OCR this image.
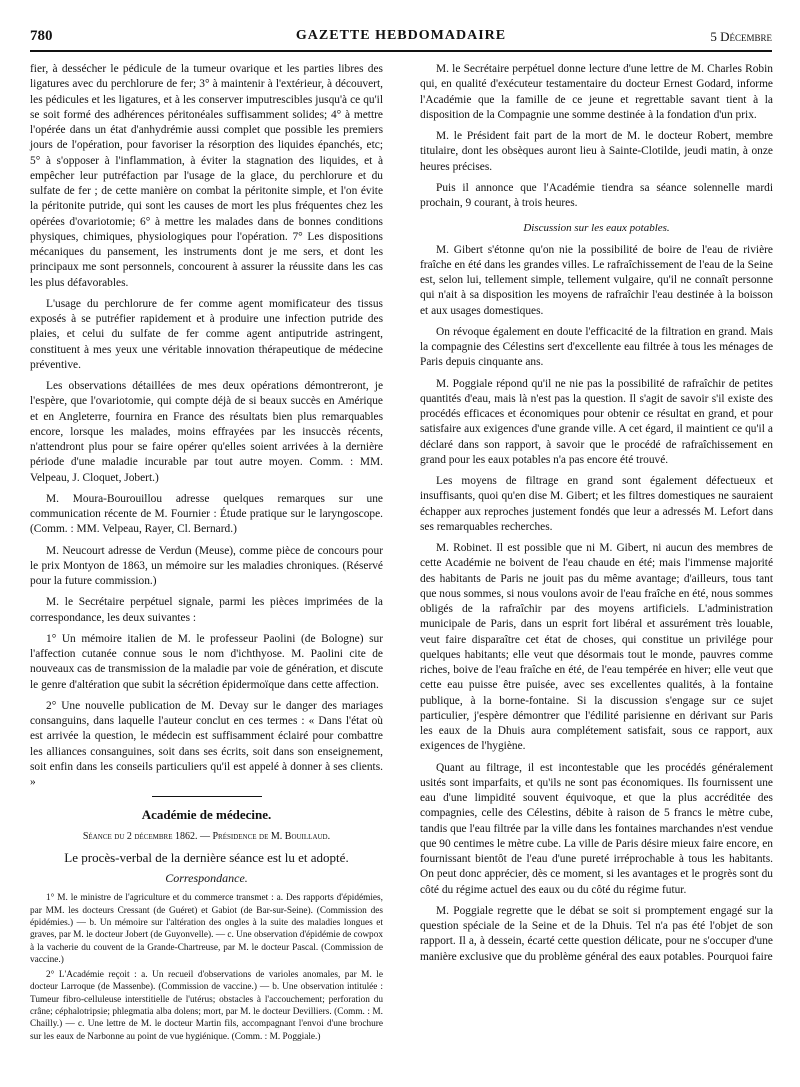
780	GAZETTE HEBDOMADAIRE	5 Décembre

fier, à dessécher le pédicule de la tumeur ovarique et les parties libres des ligatures avec du perchlorure de fer; 3° à maintenir à l'extérieur, à découvert, les pédicules et les ligatures, et à les conserver imputrescibles jusqu'à ce qu'il se soit formé des adhérences péritonéales suffisamment solides; 4° à mettre l'opérée dans un état d'anhydrémie aussi complet que possible les premiers jours de l'opération, pour favoriser la résorption des liquides épanchés, etc; 5° à s'opposer à l'inflammation, à éviter la stagnation des liquides, et à empêcher leur putréfaction par l'usage de la glace, du perchlorure et du sulfate de fer ; de cette manière on combat la péritonite simple, et l'on évite la péritonite putride, qui sont les causes de mort les plus fréquentes chez les opérées d'ovariotomie; 6° à mettre les malades dans de bonnes conditions physiques, chimiques, physiologiques pour l'opération. 7° Les dispositions mécaniques du pansement, les instruments dont je me sers, et dont les principaux me sont personnels, concourent à assurer la réussite dans les cas les plus défavorables.

L'usage du perchlorure de fer comme agent momificateur des tissus exposés à se putréfier rapidement et à produire une infection putride des plaies, et celui du sulfate de fer comme agent antiputride astringent, constituent à mes yeux une véritable innovation thérapeutique de médecine préventive.

Les observations détaillées de mes deux opérations démontreront, je l'espère, que l'ovariotomie, qui compte déjà de si beaux succès en Amérique et en Angleterre, fournira en France des résultats bien plus remarquables encore, lorsque les malades, moins effrayées par les insuccès récents, n'attendront plus pour se faire opérer qu'elles soient arrivées à la dernière période d'une maladie incurable par tout autre moyen. Comm. : MM. Velpeau, J. Cloquet, Jobert.)

M. Moura-Bourouillou adresse quelques remarques sur une communication récente de M. Fournier : Étude pratique sur le laryngoscope. (Comm. : MM. Velpeau, Rayer, Cl. Bernard.)

M. Neucourt adresse de Verdun (Meuse), comme pièce de concours pour le prix Montyon de 1863, un mémoire sur les maladies chroniques. (Réservé pour la future commission.)

M. le Secrétaire perpétuel signale, parmi les pièces imprimées de la correspondance, les deux suivantes :

1° Un mémoire italien de M. le professeur Paolini (de Bologne) sur l'affection cutanée connue sous le nom d'ichthyose. M. Paolini cite de nouveaux cas de transmission de la maladie par voie de génération, et discute le genre d'altération que subit la sécrétion épidermoïque dans cette affection.

2° Une nouvelle publication de M. Devay sur le danger des mariages consanguins, dans laquelle l'auteur conclut en ces termes : « Dans l'état où est arrivée la question, le médecin est suffisamment éclairé pour combattre les alliances consanguines, soit dans ses écrits, soit dans son enseignement, soit enfin dans les conseils particuliers qu'il est appelé à donner à ses clients. »

Académie de médecine.
Séance du 2 décembre 1862. — Présidence de M. Bouillaud.
Le procès-verbal de la dernière séance est lu et adopté.
Correspondance.

1° M. le ministre de l'agriculture et du commerce transmet : a. Des rapports d'épidémies, par MM. les docteurs Cressant (de Guéret) et Gabiot (de Bar-sur-Seine). (Commission des épidémies.) — b. Un mémoire sur l'altération des ongles à la suite des maladies longues et graves, par M. le docteur Jobert (de Guyonvelle). — c. Une observation d'épidémie de cowpox à la vacherie du couvent de la Grande-Chartreuse, par M. le docteur Pascal. (Commission de vaccine.)

2° L'Académie reçoit : a. Un recueil d'observations de varioles anomales, par M. le docteur Larroque (de Massenbe). (Commission de vaccine.) — b. Une observation intitulée : Tumeur fibro-celluleuse interstitielle de l'utérus; obstacles à l'accouchement; perforation du crâne; céphalotripsie; phlegmatia alba dolens; mort, par M. le docteur Devilliers. (Comm. : M. Chailly.) — c. Une lettre de M. le docteur Martin fils, accompagnant l'envoi d'une brochure sur les eaux de Narbonne au point de vue hygiénique. (Comm. : M. Poggiale.)

M. le Secrétaire perpétuel donne lecture d'une lettre de M. Charles Robin qui, en qualité d'exécuteur testamentaire du docteur Ernest Godard, informe l'Académie que la famille de ce jeune et regrettable savant tient à la disposition de la Compagnie une somme destinée à la fondation d'un prix.

M. le Président fait part de la mort de M. le docteur Robert, membre titulaire, dont les obsèques auront lieu à Sainte-Clotilde, jeudi matin, à onze heures précises.

Puis il annonce que l'Académie tiendra sa séance solennelle mardi prochain, 9 courant, à trois heures.

Discussion sur les eaux potables.

M. Gibert s'étonne qu'on nie la possibilité de boire de l'eau de rivière fraîche en été dans les grandes villes. Le rafraîchissement de l'eau de la Seine est, selon lui, tellement simple, tellement vulgaire, qu'il ne connaît personne qui n'ait à sa disposition les moyens de rafraîchir l'eau destinée à la boisson et aux usages domestiques.

On révoque également en doute l'efficacité de la filtration en grand. Mais la compagnie des Célestins sert d'excellente eau filtrée à tous les ménages de Paris depuis cinquante ans.

M. Poggiale répond qu'il ne nie pas la possibilité de rafraîchir de petites quantités d'eau, mais là n'est pas la question. Il s'agit de savoir s'il existe des procédés efficaces et économiques pour obtenir ce résultat en grand, et pour satisfaire aux exigences d'une grande ville. A cet égard, il maintient ce qu'il a déclaré dans son rapport, à savoir que le procédé de rafraîchissement en grand pour les eaux potables n'a pas encore été trouvé.

Les moyens de filtrage en grand sont également défectueux et insuffisants, quoi qu'en dise M. Gibert; et les filtres domestiques ne sauraient échapper aux reproches justement fondés que leur a adressés M. Lefort dans ses remarquables recherches.

M. Robinet. Il est possible que ni M. Gibert, ni aucun des membres de cette Académie ne boivent de l'eau chaude en été; mais l'immense majorité des habitants de Paris ne jouit pas du même avantage; d'ailleurs, tous tant que nous sommes, si nous voulons avoir de l'eau fraîche en été, nous sommes obligés de la rafraîchir par des moyens artificiels. L'administration municipale de Paris, dans un esprit fort libéral et assurément très louable, veut faire disparaître cet état de choses, qui constitue un privilége pour quelques habitants; elle veut que désormais tout le monde, pauvres comme riches, boive de l'eau fraîche en été, de l'eau tempérée en hiver; elle veut que cette eau puisse être puisée, avec ses excellentes qualités, à la fontaine publique, à la borne-fontaine. Si la discussion s'engage sur ce sujet particulier, j'espère démontrer que l'édilité parisienne en dérivant sur Paris les eaux de la Dhuis aura complétement satisfait, sous ce rapport, aux exigences de l'hygiène.

Quant au filtrage, il est incontestable que les procédés généralement usités sont imparfaits, et qu'ils ne sont pas économiques. Ils fournissent une eau d'une limpidité souvent équivoque, et que la plus accréditée des compagnies, celle des Célestins, débite à raison de 5 francs le mètre cube, tandis que l'eau filtrée par la ville dans les fontaines marchandes n'est vendue que 90 centimes le mètre cube. La ville de Paris désire mieux faire encore, en fournissant bientôt de l'eau d'une pureté irréprochable à tous les habitants. On peut donc apprécier, dès ce moment, si les avantages et le progrès sont du côté du régime actuel des eaux ou du côté du régime futur.

M. Poggiale regrette que le débat se soit si promptement engagé sur la question spéciale de la Seine et de la Dhuis. Tel n'a pas été l'objet de son rapport. Il a, à dessein, écarté cette question délicate, pour ne s'occuper d'une manière exclusive que du problème général des eaux potables. Pourquoi faire
